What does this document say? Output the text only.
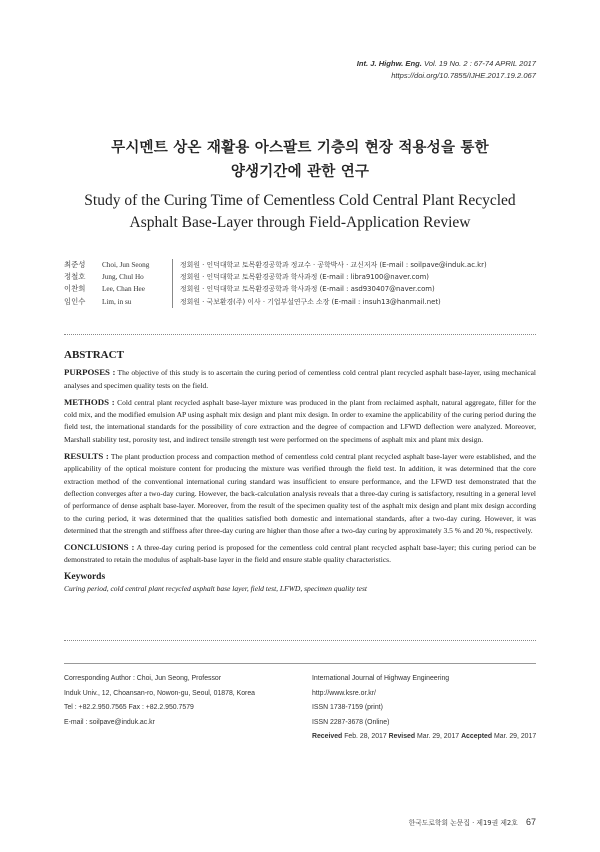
Int. J. Highw. Eng. Vol. 19 No. 2 : 67-74 APRIL 2017
https://doi.org/10.7855/IJHE.2017.19.2.067
무시멘트 상온 재활용 아스팔트 기층의 현장 적용성을 통한
양생기간에 관한 연구
Study of the Curing Time of Cementless Cold Central Plant Recycled
Asphalt Base-Layer through Field-Application Review
최준성	Choi, Jun Seong	정회원 · 인덕대학교 토목환경공학과 정교수 · 공학박사 · 교신저자 (E-mail : soilpave@induk.ac.kr)
정철호	Jung, Chul Ho	정회원 · 인덕대학교 토목환경공학과 학사과정 (E-mail : libra9100@naver.com)
이찬희	Lee, Chan Hee	정회원 · 인덕대학교 토목환경공학과 학사과정 (E-mail : asd930407@naver.com)
임인수	Lim, in su	정회원 · 국보환경(주) 이사 · 기업부설연구소 소장 (E-mail : insuh13@hanmail.net)
ABSTRACT

PURPOSES : The objective of this study is to ascertain the curing period of cementless cold central plant recycled asphalt base-layer, using mechanical analyses and specimen quality tests on the field.

METHODS : Cold central plant recycled asphalt base-layer mixture was produced in the plant from reclaimed asphalt, natural aggregate, filler for the cold mix, and the modified emulsion AP using asphalt mix design and plant mix design. In order to examine the applicability of the curing period during the field test, the international standards for the possibility of core extraction and the degree of compaction and LFWD deflection were analyzed. Moreover, Marshall stability test, porosity test, and indirect tensile strength test were performed on the specimens of asphalt mix and plant mix design.

RESULTS : The plant production process and compaction method of cementless cold central plant recycled asphalt base-layer were established, and the applicability of the optical moisture content for producing the mixture was verified through the field test. In addition, it was determined that the core extraction method of the conventional international curing standard was insufficient to ensure performance, and the LFWD test demonstrated that the deflection converges after a two-day curing. However, the back-calculation analysis reveals that a three-day curing is satisfactory, resulting in a general level of performance of dense asphalt base-layer. Moreover, from the result of the specimen quality test of the asphalt mix design and plant mix design according to the curing period, it was determined that the qualities satisfied both domestic and international standards, after a two-day curing. However, it was determined that the strength and stiffness after three-day curing are higher than those after a two-day curing by approximately 3.5 % and 20 %, respectively.

CONCLUSIONS : A three-day curing period is proposed for the cementless cold central plant recycled asphalt base-layer; this curing period can be demonstrated to retain the modulus of asphalt-base layer in the field and ensure stable quality characteristics.

Keywords
Curing period, cold central plant recycled asphalt base layer, field test, LFWD, specimen quality test
Corresponding Author : Choi, Jun Seong, Professor
Induk Univ., 12, Choansan-ro, Nowon-gu, Seoul, 01878, Korea
Tel : +82.2.950.7565 Fax : +82.2.950.7579
E-mail : soilpave@induk.ac.kr
International Journal of Highway Engineering
http://www.ksre.or.kr/
ISSN 1738-7159 (print)
ISSN 2287-3678 (Online)
Received Feb. 28, 2017 Revised Mar. 29, 2017 Accepted Mar. 29, 2017
한국도로학회 논문집 · 제19권 제2호 67
